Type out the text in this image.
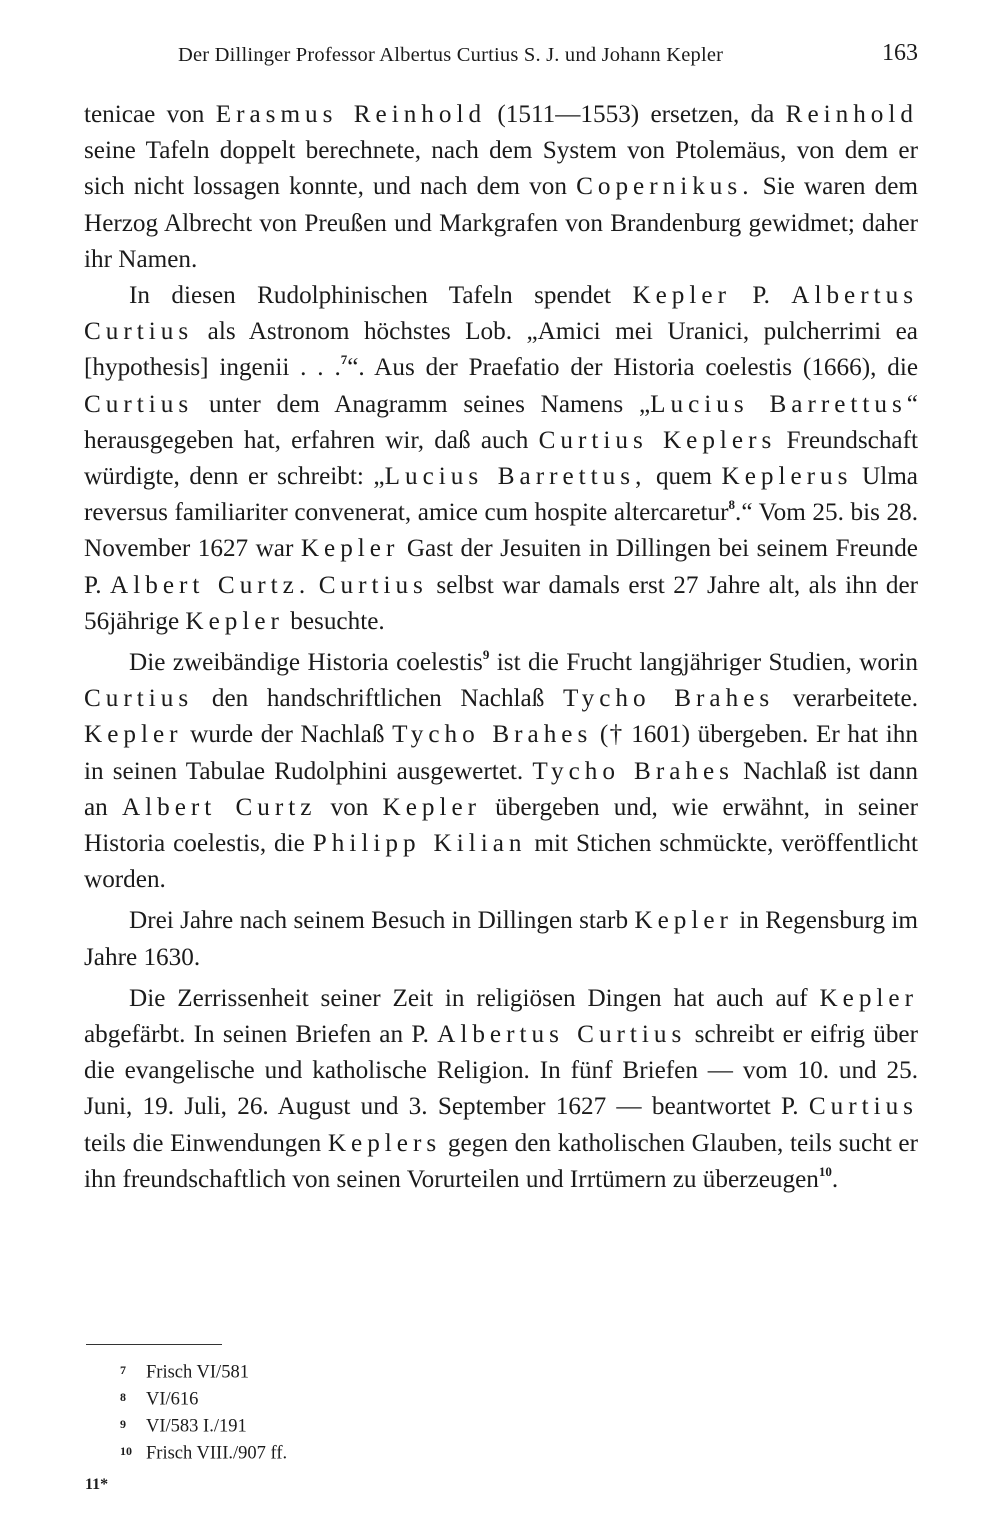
Der Dillinger Professor Albertus Curtius S. J. und Johann Kepler	163

tenicae von Erasmus Reinhold (1511—1553) ersetzen, da Reinhold seine Tafeln doppelt berechnete, nach dem System von Ptolemäus, von dem er sich nicht lossagen konnte, und nach dem von Copernikus. Sie waren dem Herzog Albrecht von Preußen und Markgrafen von Brandenburg gewidmet; daher ihr Namen.

In diesen Rudolphinischen Tafeln spendet Kepler P. Albertus Curtius als Astronom höchstes Lob. „Amici mei Uranici, pulcherrimi ea [hypothesis] ingenii . . .$^7$“. Aus der Praefatio der Historia coelestis (1666), die Curtius unter dem Anagramm seines Namens „Lucius Barrettus“ herausgegeben hat, erfahren wir, daß auch Curtius Keplers Freundschaft würdigte, denn er schreibt: „Lucius Barrettus, quem Keplerus Ulma reversus familiariter convenerat, amice cum hospite altercaretur$^8$.“ Vom 25. bis 28. November 1627 war Kepler Gast der Jesuiten in Dillingen bei seinem Freunde P. Albert Curtz. Curtius selbst war damals erst 27 Jahre alt, als ihn der 56jährige Kepler besuchte.

Die zweibändige Historia coelestis$^9$ ist die Frucht langjähriger Studien, worin Curtius den handschriftlichen Nachlaß Tycho Brahes verarbeitete. Kepler wurde der Nachlaß Tycho Brahes († 1601) übergeben. Er hat ihn in seinen Tabulae Rudolphini ausgewertet. Tycho Brahes Nachlaß ist dann an Albert Curtz von Kepler übergeben und, wie erwähnt, in seiner Historia coelestis, die Philipp Kilian mit Stichen schmückte, veröffentlicht worden.

Drei Jahre nach seinem Besuch in Dillingen starb Kepler in Regensburg im Jahre 1630.

Die Zerrissenheit seiner Zeit in religiösen Dingen hat auch auf Kepler abgefärbt. In seinen Briefen an P. Albertus Curtius schreibt er eifrig über die evangelische und katholische Religion. In fünf Briefen — vom 10. und 25. Juni, 19. Juli, 26. August und 3. September 1627 — beantwortet P. Curtius teils die Einwendungen Keplers gegen den katholischen Glauben, teils sucht er ihn freundschaftlich von seinen Vorurteilen und Irrtümern zu überzeugen$^{10}$.

7 Frisch VI/581
8 VI/616
9 VI/583 I./191
10 Frisch VIII./907 ff.
11*
